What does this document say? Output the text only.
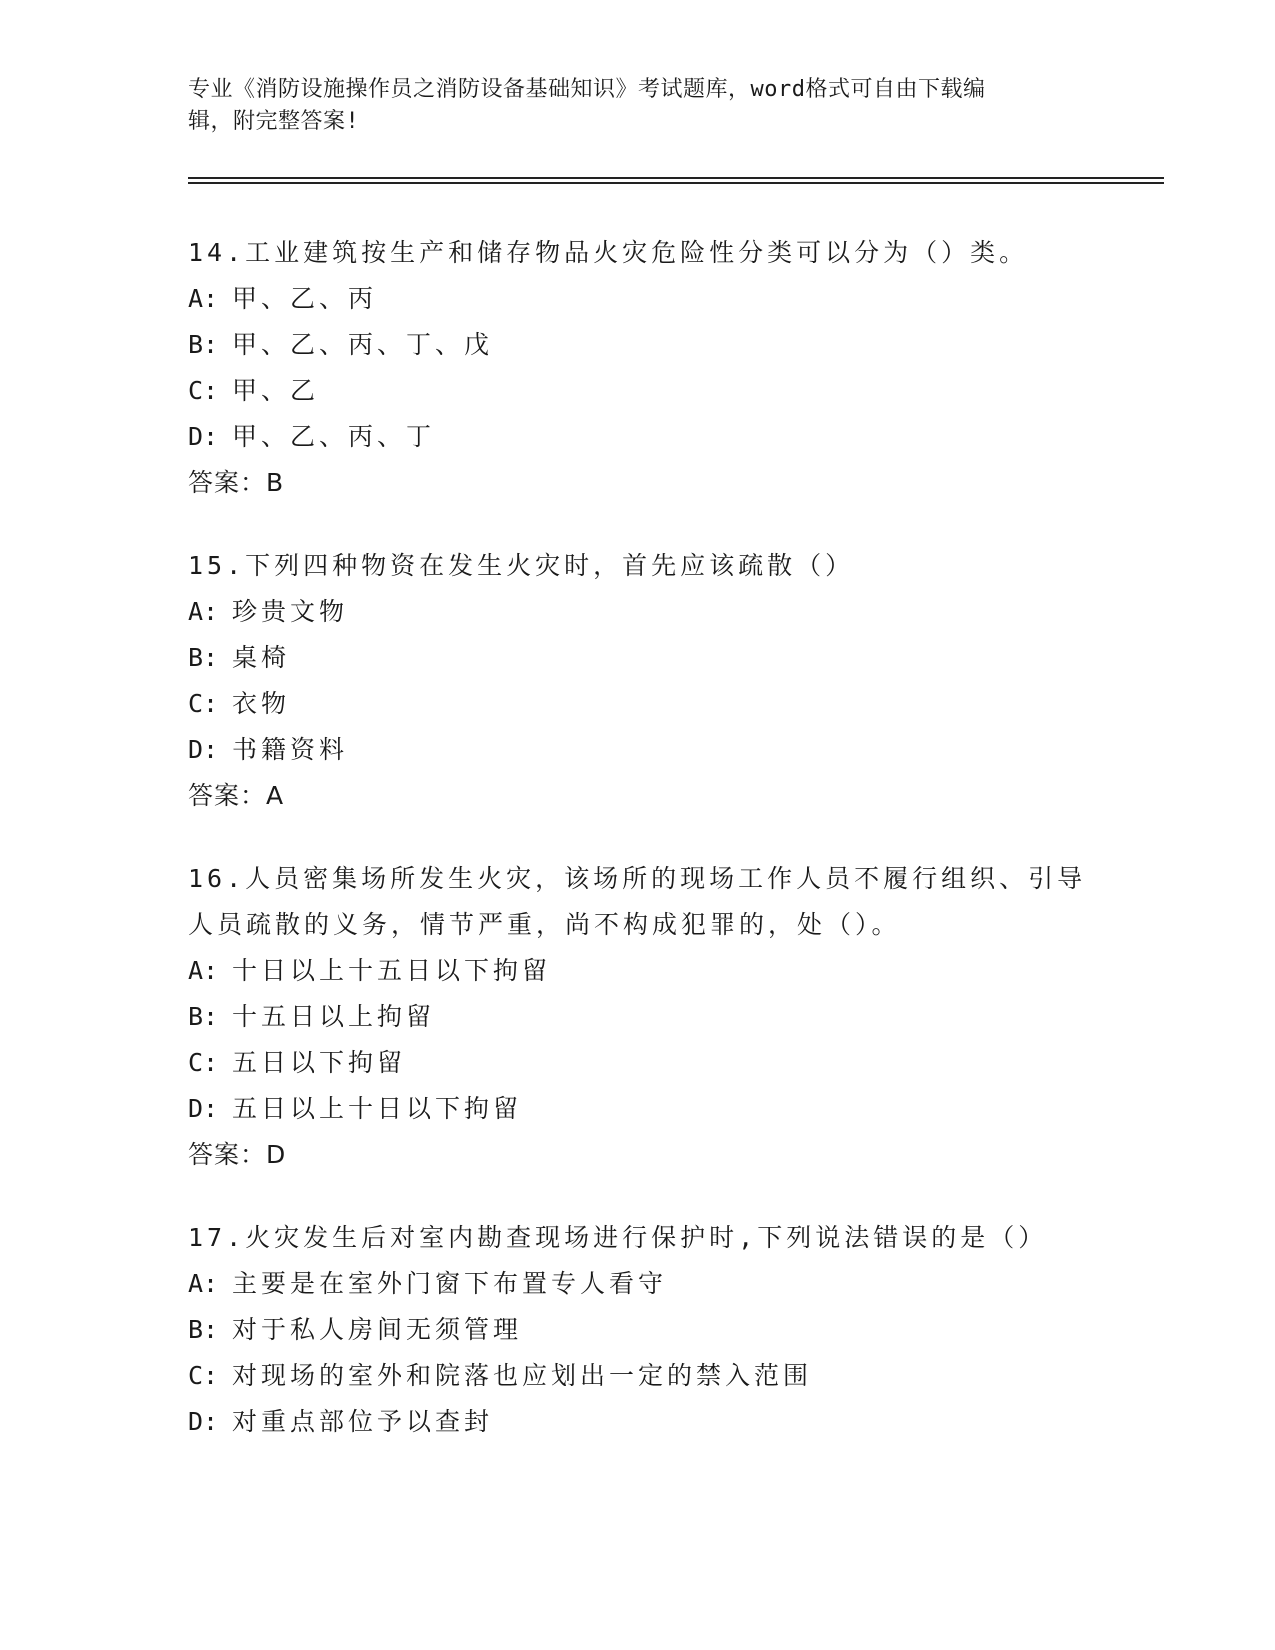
专业《消防设施操作员之消防设备基础知识》考试题库，word格式可自由下载编
辑，附完整答案!

14.工业建筑按生产和储存物品火灾危险性分类可以分为（）类。

A: 甲、乙、丙

B: 甲、乙、丙、丁、戊

C: 甲、乙

D: 甲、乙、丙、丁

答案：B

15.下列四种物资在发生火灾时，首先应该疏散（）

A: 珍贵文物

B: 桌椅

C: 衣物

D: 书籍资料

答案：A

16.人员密集场所发生火灾，该场所的现场工作人员不履行组织、引导

人员疏散的义务，情节严重，尚不构成犯罪的，处（）。

A: 十日以上十五日以下拘留

B: 十五日以上拘留

C: 五日以下拘留

D: 五日以上十日以下拘留

答案：D

17.火灾发生后对室内勘查现场进行保护时,下列说法错误的是（）

A: 主要是在室外门窗下布置专人看守

B: 对于私人房间无须管理

C: 对现场的室外和院落也应划出一定的禁入范围

D: 对重点部位予以查封
